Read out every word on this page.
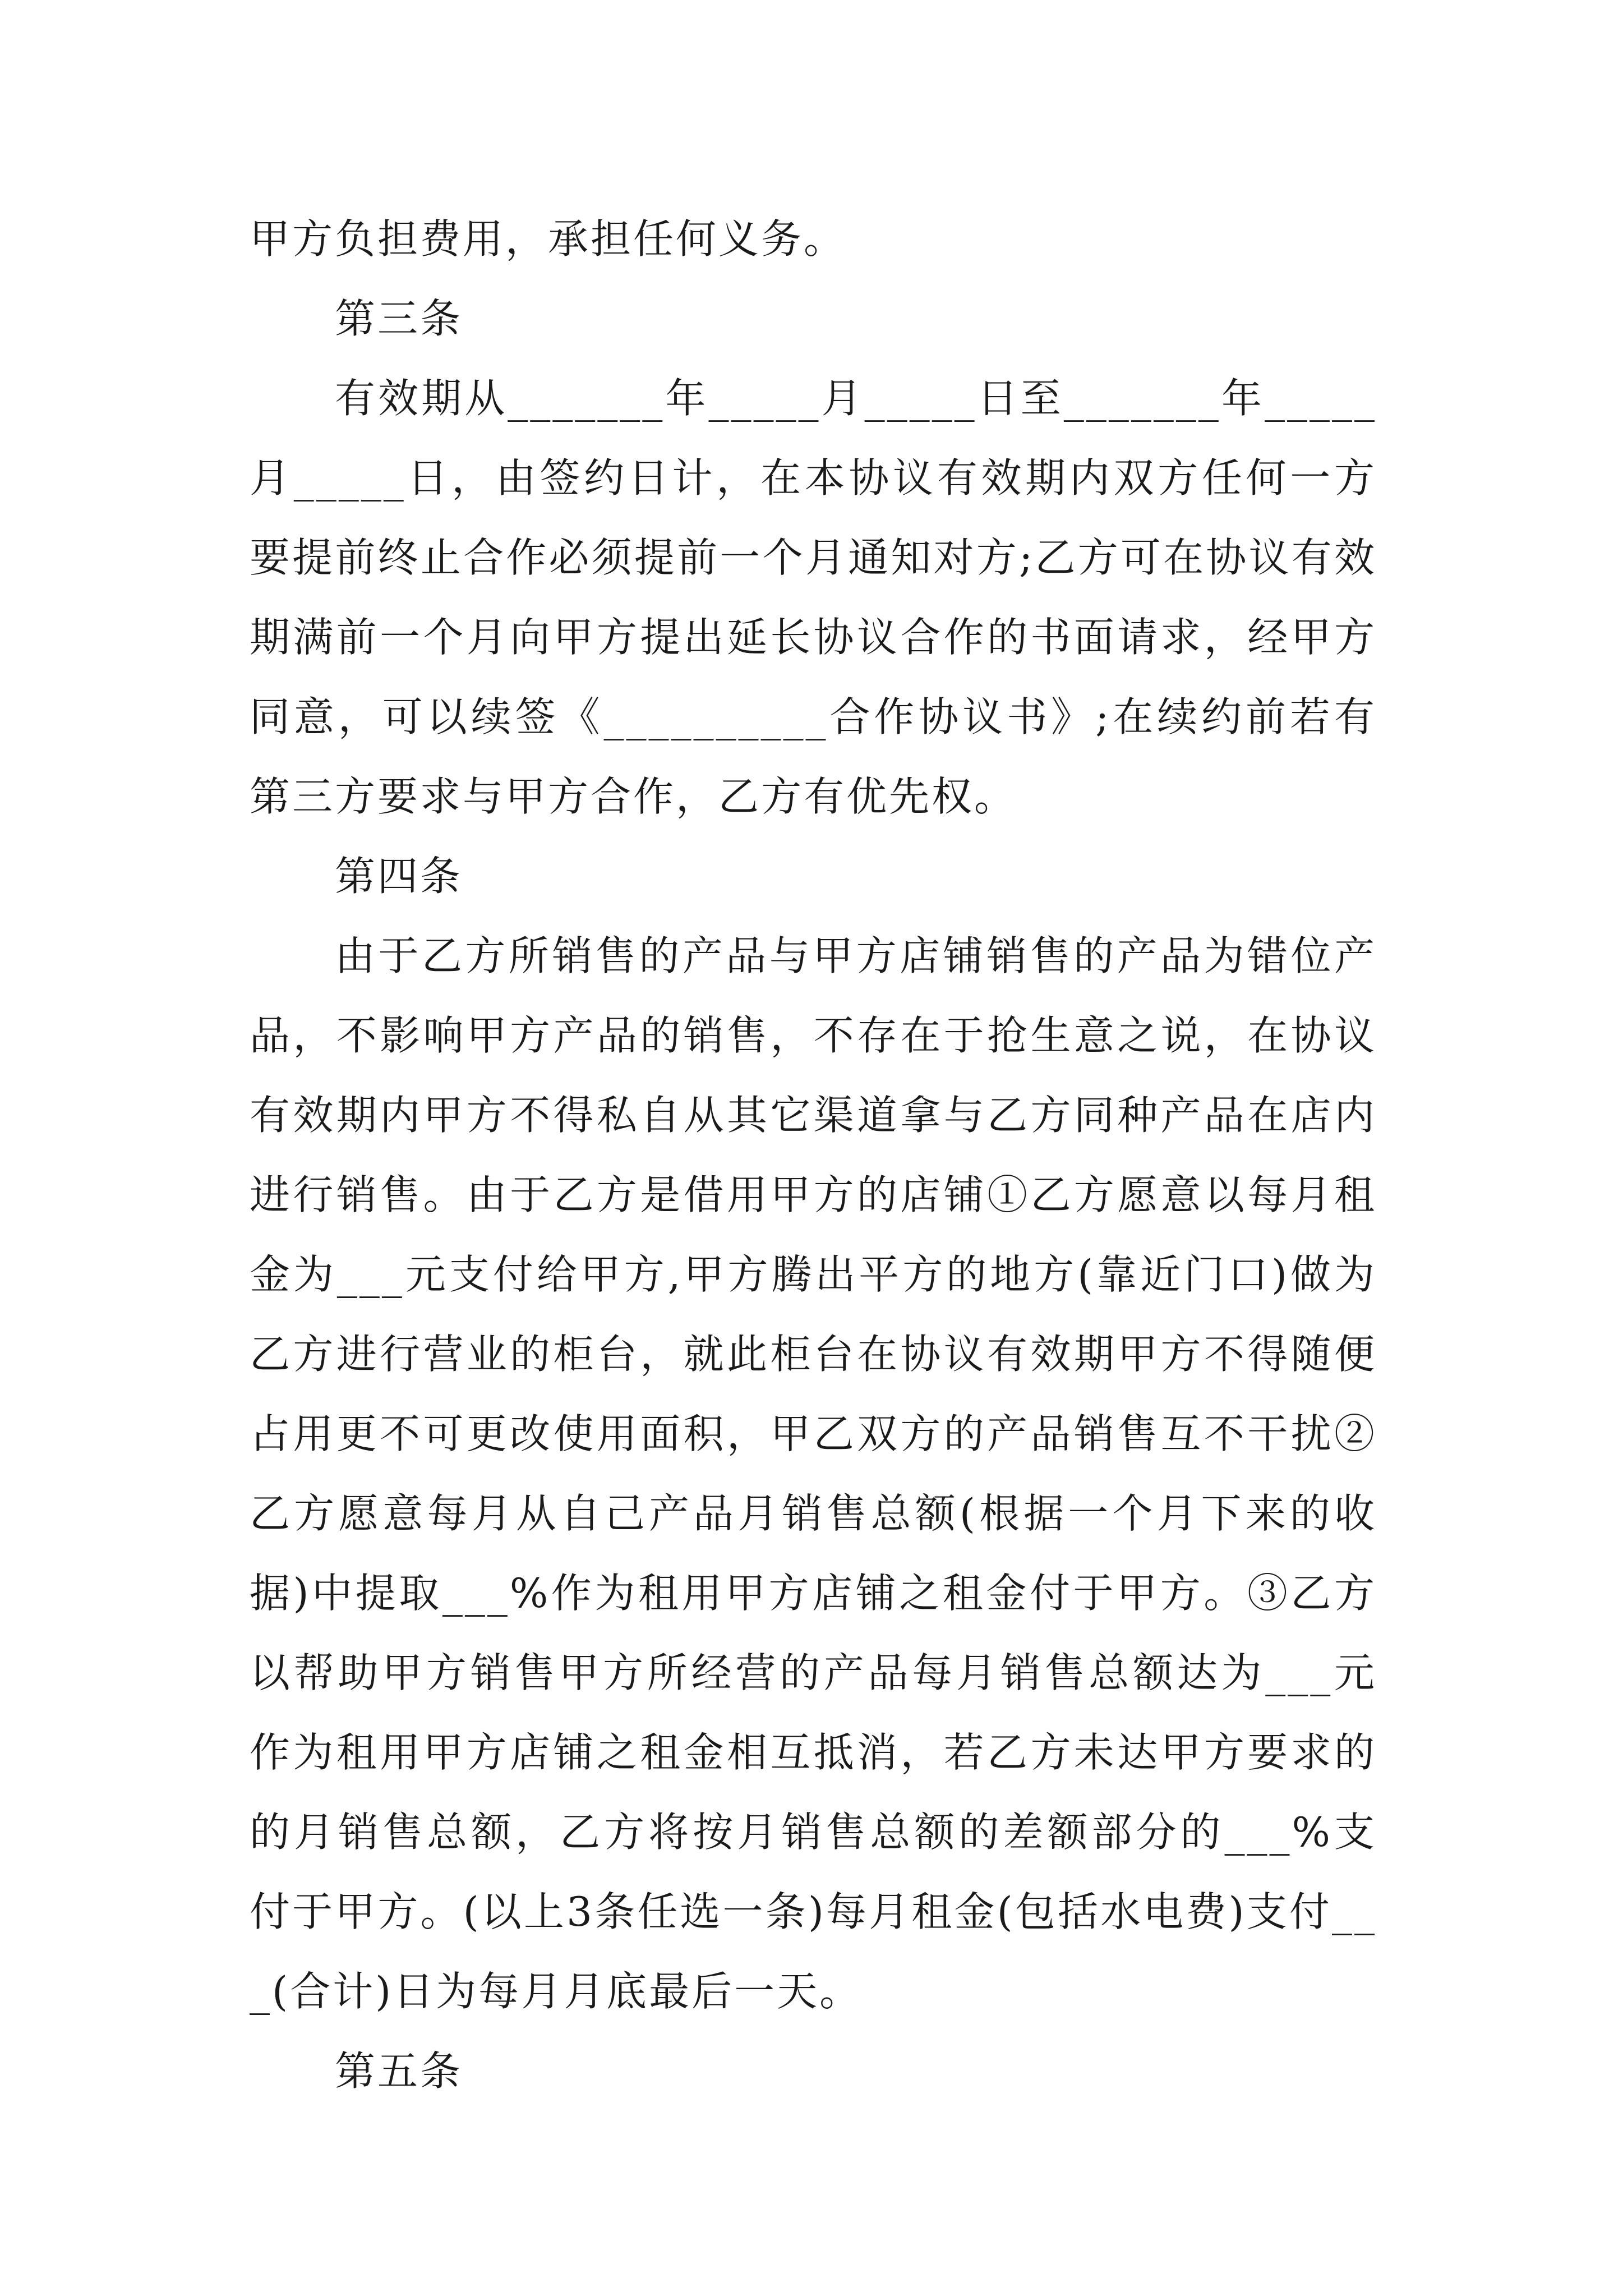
甲方负担费用，承担任何义务。

第三条

有效期从_______年_____月_____日至_______年_____月_____日，由签约日计，在本协议有效期内双方任何一方要提前终止合作必须提前一个月通知对方;乙方可在协议有效期满前一个月向甲方提出延长协议合作的书面请求，经甲方同意，可以续签《__________合作协议书》;在续约前若有第三方要求与甲方合作，乙方有优先权。

第四条

由于乙方所销售的产品与甲方店铺销售的产品为错位产品，不影响甲方产品的销售，不存在于抢生意之说，在协议有效期内甲方不得私自从其它渠道拿与乙方同种产品在店内进行销售。由于乙方是借用甲方的店铺①乙方愿意以每月租金为___元支付给甲方,甲方腾出平方的地方(靠近门口)做为乙方进行营业的柜台，就此柜台在协议有效期甲方不得随便占用更不可更改使用面积，甲乙双方的产品销售互不干扰②乙方愿意每月从自己产品月销售总额(根据一个月下来的收据)中提取___%作为租用甲方店铺之租金付于甲方。③乙方以帮助甲方销售甲方所经营的产品每月销售总额达为___元作为租用甲方店铺之租金相互抵消，若乙方未达甲方要求的的月销售总额，乙方将按月销售总额的差额部分的___%支付于甲方。(以上3条任选一条)每月租金(包括水电费)支付___(合计)日为每月月底最后一天。

第五条
